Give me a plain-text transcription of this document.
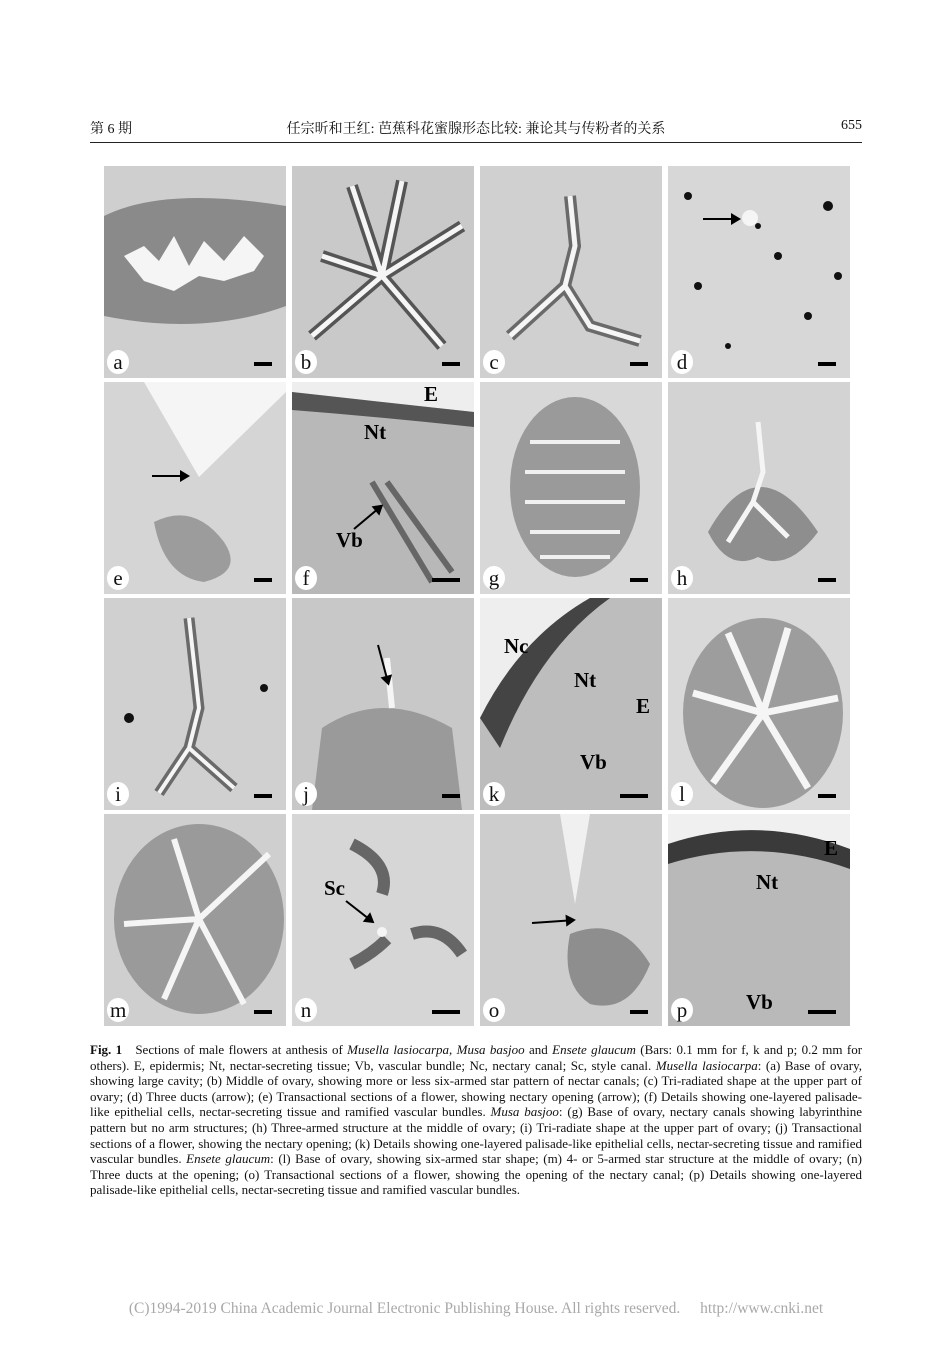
第 6 期	任宗昕和王红: 芭蕉科花蜜腺形态比较: 兼论其与传粉者的关系	655
a	b	c	d
e
E
Nt
Vb
f	g	h
i	j
Nc
Nt
E
Vb
k	l
m
Sc
n	o
E
Nt
Vb
p
Fig. 1 Sections of male flowers at anthesis of Musella lasiocarpa, Musa basjoo and Ensete glaucum (Bars: 0.1 mm for f, k and p; 0.2 mm for others). E, epidermis; Nt, nectar-secreting tissue; Vb, vascular bundle; Nc, nectary canal; Sc, style canal. Musella lasiocarpa: (a) Base of ovary, showing large cavity; (b) Middle of ovary, showing more or less six-armed star pattern of nectar canals; (c) Tri-radiated shape at the upper part of ovary; (d) Three ducts (arrow); (e) Transactional sections of a flower, showing nectary opening (arrow); (f) Details showing one-layered palisade-like epithelial cells, nectar-secreting tissue and ramified vascular bundles. Musa basjoo: (g) Base of ovary, nectary canals showing labyrinthine pattern but no arm structures; (h) Three-armed structure at the middle of ovary; (i) Tri-radiate shape at the upper part of ovary; (j) Transactional sections of a flower, showing the nectary opening; (k) Details showing one-layered palisade-like epithelial cells, nectar-secreting tissue and ramified vascular bundles. Ensete glaucum: (l) Base of ovary, showing six-armed star shape; (m) 4- or 5-armed star structure at the middle of ovary; (n) Three ducts at the opening; (o) Transactional sections of a flower, showing the opening of the nectary canal; (p) Details showing one-layered palisade-like epithelial cells, nectar-secreting tissue and ramified vascular bundles.
(C)1994-2019 China Academic Journal Electronic Publishing House. All rights reserved. http://www.cnki.net
